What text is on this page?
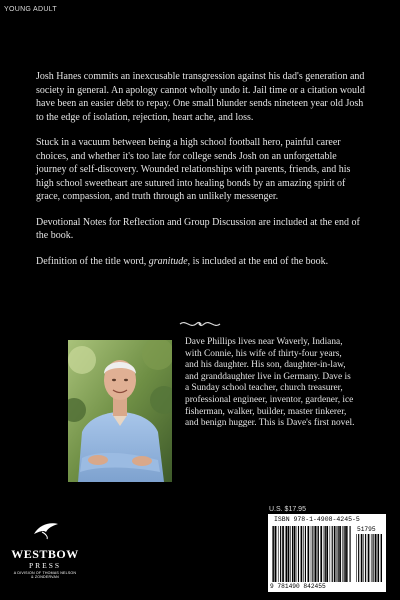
YOUNG ADULT

Josh Hanes commits an inexcusable transgression against his dad's generation and society in general. An apology cannot wholly undo it. Jail time or a citation would have been an easier debt to repay. One small blunder sends nineteen year old Josh to the edge of isolation, rejection, heart ache, and loss.

Stuck in a vacuum between being a high school football hero, painful career choices, and whether it's too late for college sends Josh on an unforgettable journey of self-discovery. Wounded relationships with parents, friends, and his high school sweetheart are sutured into healing bonds by an amazing spirit of grace, compassion, and truth through an unlikely messenger.

Devotional Notes for Reflection and Group Discussion are included at the end of the book.

Definition of the title word, granitude, is included at the end of the book.

Dave Phillips lives near Waverly, Indiana, with Connie, his wife of thirty-four years, and his daughter. His son, daughter-in-law, and granddaughter live in Germany. Dave is a Sunday school teacher, church treasurer, professional engineer, inventor, gardener, ice fisherman, walker, builder, master tinkerer, and benign hugger. This is Dave's first novel.
U.S. $17.95
ISBN 978-1-4908-4245-5
51795
9 781490 842455
WESTBOW
PRESS
A DIVISION OF THOMAS NELSON
& ZONDERVAN
